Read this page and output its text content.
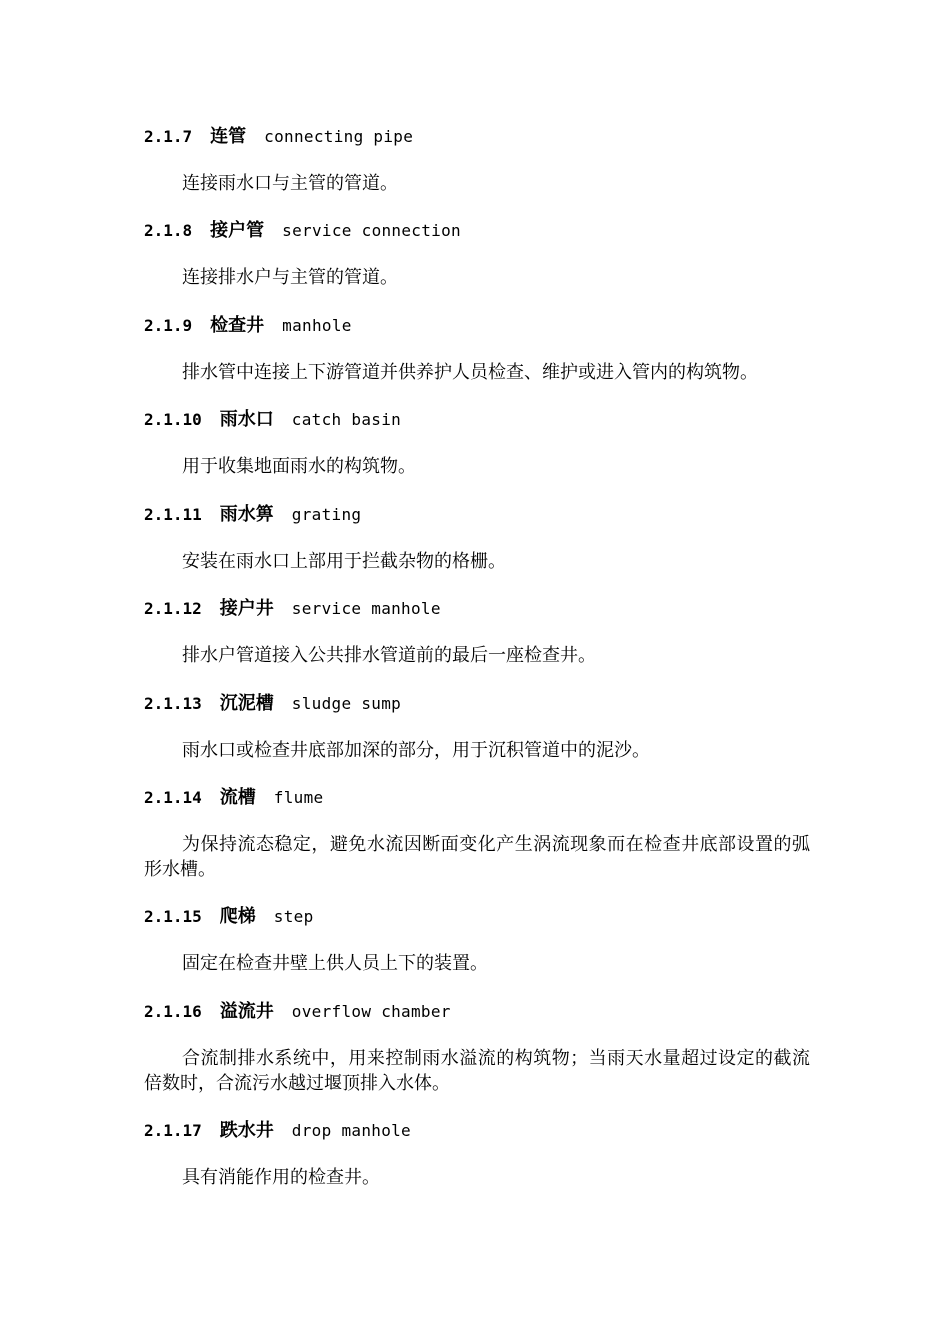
2.1.7 连管 connecting pipe
连接雨水口与主管的管道。
2.1.8 接户管 service connection
连接排水户与主管的管道。
2.1.9 检查井 manhole
排水管中连接上下游管道并供养护人员检查、维护或进入管内的构筑物。
2.1.10 雨水口 catch basin
用于收集地面雨水的构筑物。
2.1.11 雨水箅 grating
安装在雨水口上部用于拦截杂物的格栅。
2.1.12 接户井 service manhole
排水户管道接入公共排水管道前的最后一座检查井。
2.1.13 沉泥槽 sludge sump
雨水口或检查井底部加深的部分，用于沉积管道中的泥沙。
2.1.14 流槽 flume
为保持流态稳定，避免水流因断面变化产生涡流现象而在检查井底部设置的弧形水槽。
2.1.15 爬梯 step
固定在检查井壁上供人员上下的装置。
2.1.16 溢流井 overflow chamber
合流制排水系统中，用来控制雨水溢流的构筑物；当雨天水量超过设定的截流倍数时，合流污水越过堰顶排入水体。
2.1.17 跌水井 drop manhole
具有消能作用的检查井。
